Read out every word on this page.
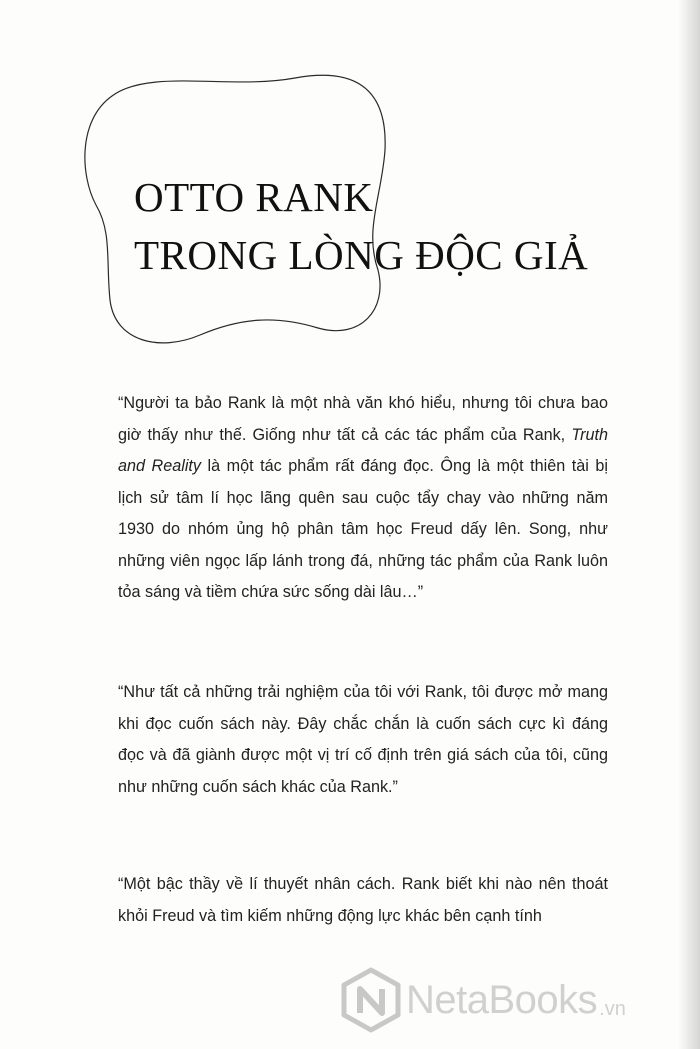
OTTO RANK
TRONG LÒNG ĐỘC GIẢ

“Người ta bảo Rank là một nhà văn khó hiểu, nhưng tôi chưa bao giờ thấy như thế. Giống như tất cả các tác phẩm của Rank, Truth and Reality là một tác phẩm rất đáng đọc. Ông là một thiên tài bị lịch sử tâm lí học lãng quên sau cuộc tẩy chay vào những năm 1930 do nhóm ủng hộ phân tâm học Freud dấy lên. Song, như những viên ngọc lấp lánh trong đá, những tác phẩm của Rank luôn tỏa sáng và tiềm chứa sức sống dài lâu…”

“Như tất cả những trải nghiệm của tôi với Rank, tôi được mở mang khi đọc cuốn sách này. Đây chắc chắn là cuốn sách cực kì đáng đọc và đã giành được một vị trí cố định trên giá sách của tôi, cũng như những cuốn sách khác của Rank.”

“Một bậc thầy về lí thuyết nhân cách. Rank biết khi nào nên thoát khỏi Freud và tìm kiếm những động lực khác bên cạnh tính

NetaBooks .vn
